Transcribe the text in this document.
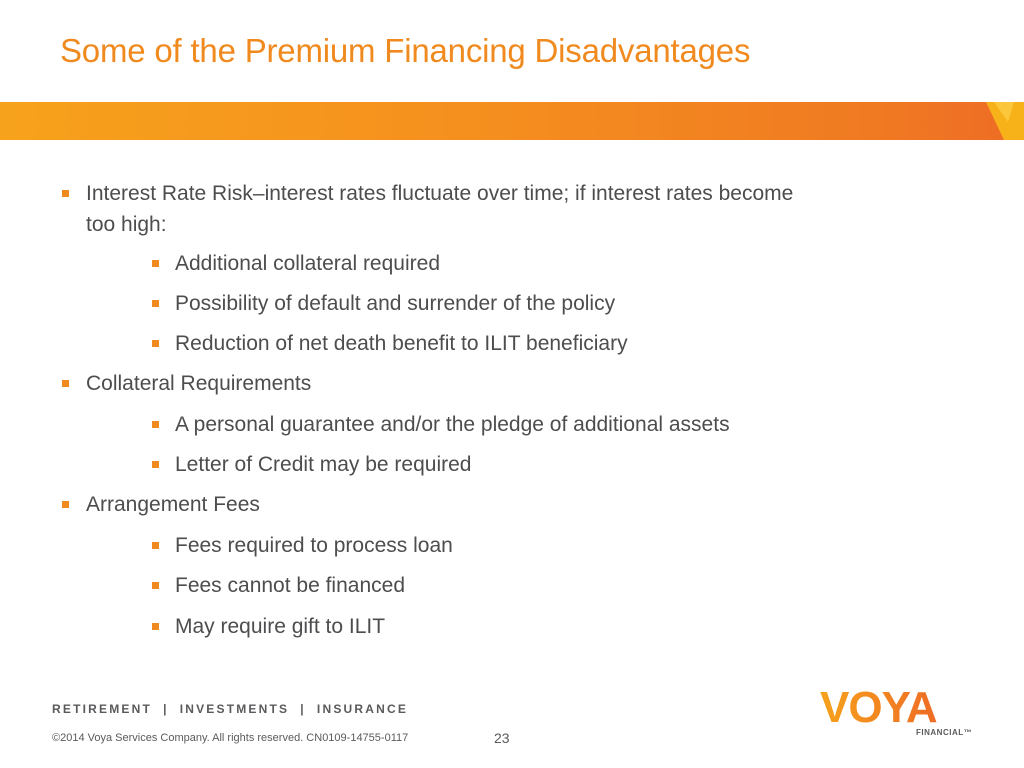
Some of the Premium Financing Disadvantages
Interest Rate Risk–interest rates fluctuate over time; if interest rates become too high:
Additional collateral required
Possibility of default and surrender of the policy
Reduction of net death benefit to ILIT beneficiary
Collateral Requirements
A personal guarantee and/or the pledge of additional assets
Letter of Credit may be required
Arrangement Fees
Fees required to process loan
Fees cannot be financed
May require gift to ILIT
RETIREMENT  |  INVESTMENTS  |  INSURANCE
©2014 Voya Services Company. All rights reserved. CN0109-14755-0117	23
VOYA
FINANCIAL™
